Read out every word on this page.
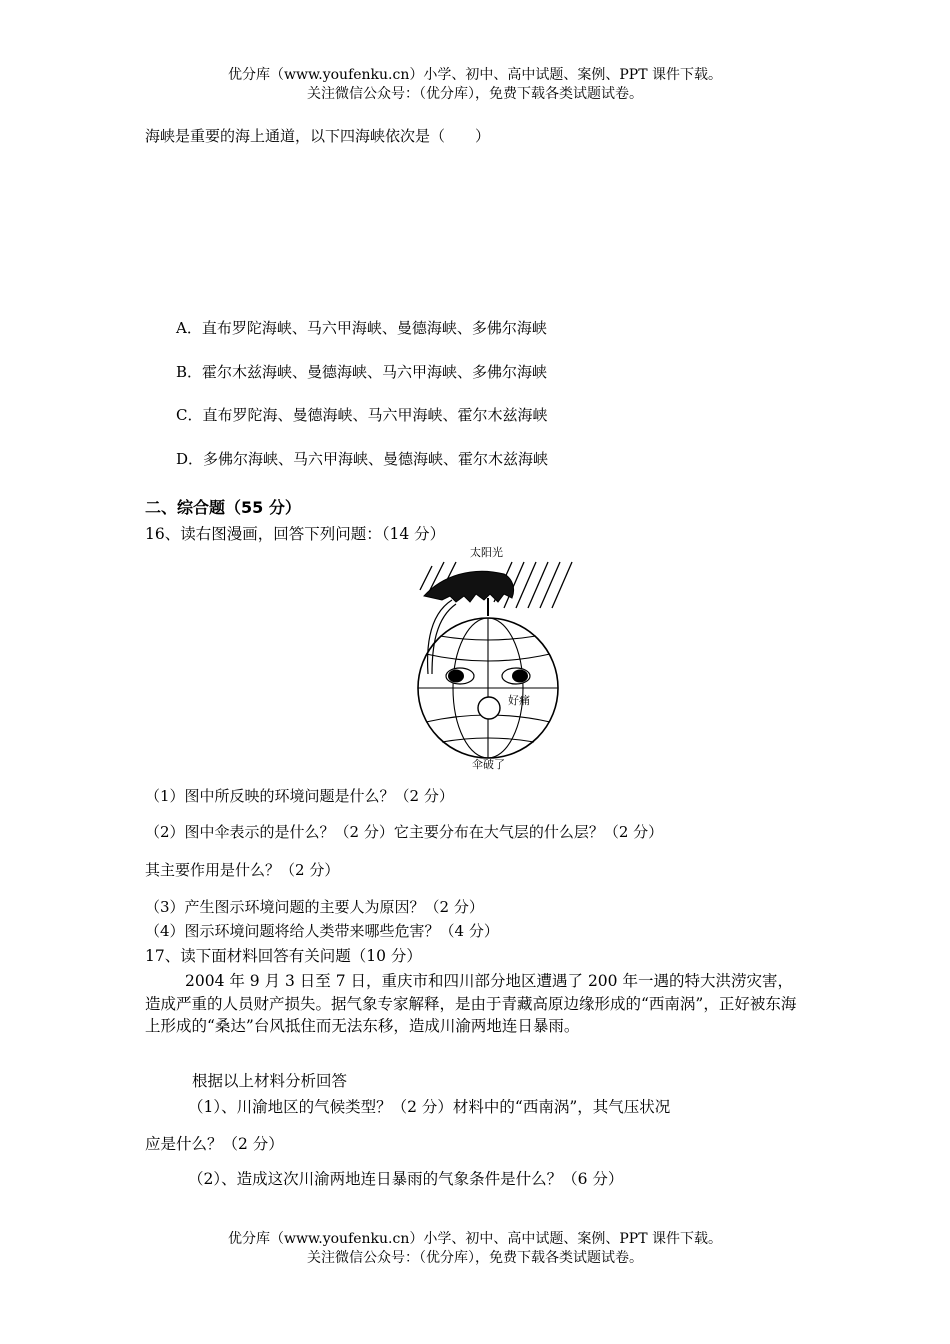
优分库（www.youfenku.cn）小学、初中、高中试题、案例、PPT 课件下载。
关注微信公众号：（优分库），免费下载各类试题试卷。
海峡是重要的海上通道，以下四海峡依次是（　　）
A．直布罗陀海峡、马六甲海峡、曼德海峡、多佛尔海峡
B．霍尔木兹海峡、曼德海峡、马六甲海峡、多佛尔海峡
C．直布罗陀海、曼德海峡、马六甲海峡、霍尔木兹海峡
D．多佛尔海峡、马六甲海峡、曼德海峡、霍尔木兹海峡
二、综合题（55 分）
16、读右图漫画，回答下列问题：（14 分）
太阳光
好痛
伞破了
（1）图中所反映的环境问题是什么？（2 分）
（2）图中伞表示的是什么？（2 分）它主要分布在大气层的什么层？（2 分）
其主要作用是什么？（2 分）
（3）产生图示环境问题的主要人为原因？（2 分）
（4）图示环境问题将给人类带来哪些危害？（4 分）
17、读下面材料回答有关问题（10 分）
2004 年 9 月 3 日至 7 日，重庆市和四川部分地区遭遇了 200 年一遇的特大洪涝灾害，造成严重的人员财产损失。据气象专家解释，是由于青藏高原边缘形成的“西南涡”，正好被东海上形成的“桑达”台风抵住而无法东移，造成川渝两地连日暴雨。
根据以上材料分析回答
（1）、川渝地区的气候类型？（2 分）材料中的“西南涡”，其气压状况
应是什么？（2 分）
（2）、造成这次川渝两地连日暴雨的气象条件是什么？（6 分）
优分库（www.youfenku.cn）小学、初中、高中试题、案例、PPT 课件下载。
关注微信公众号：（优分库），免费下载各类试题试卷。
